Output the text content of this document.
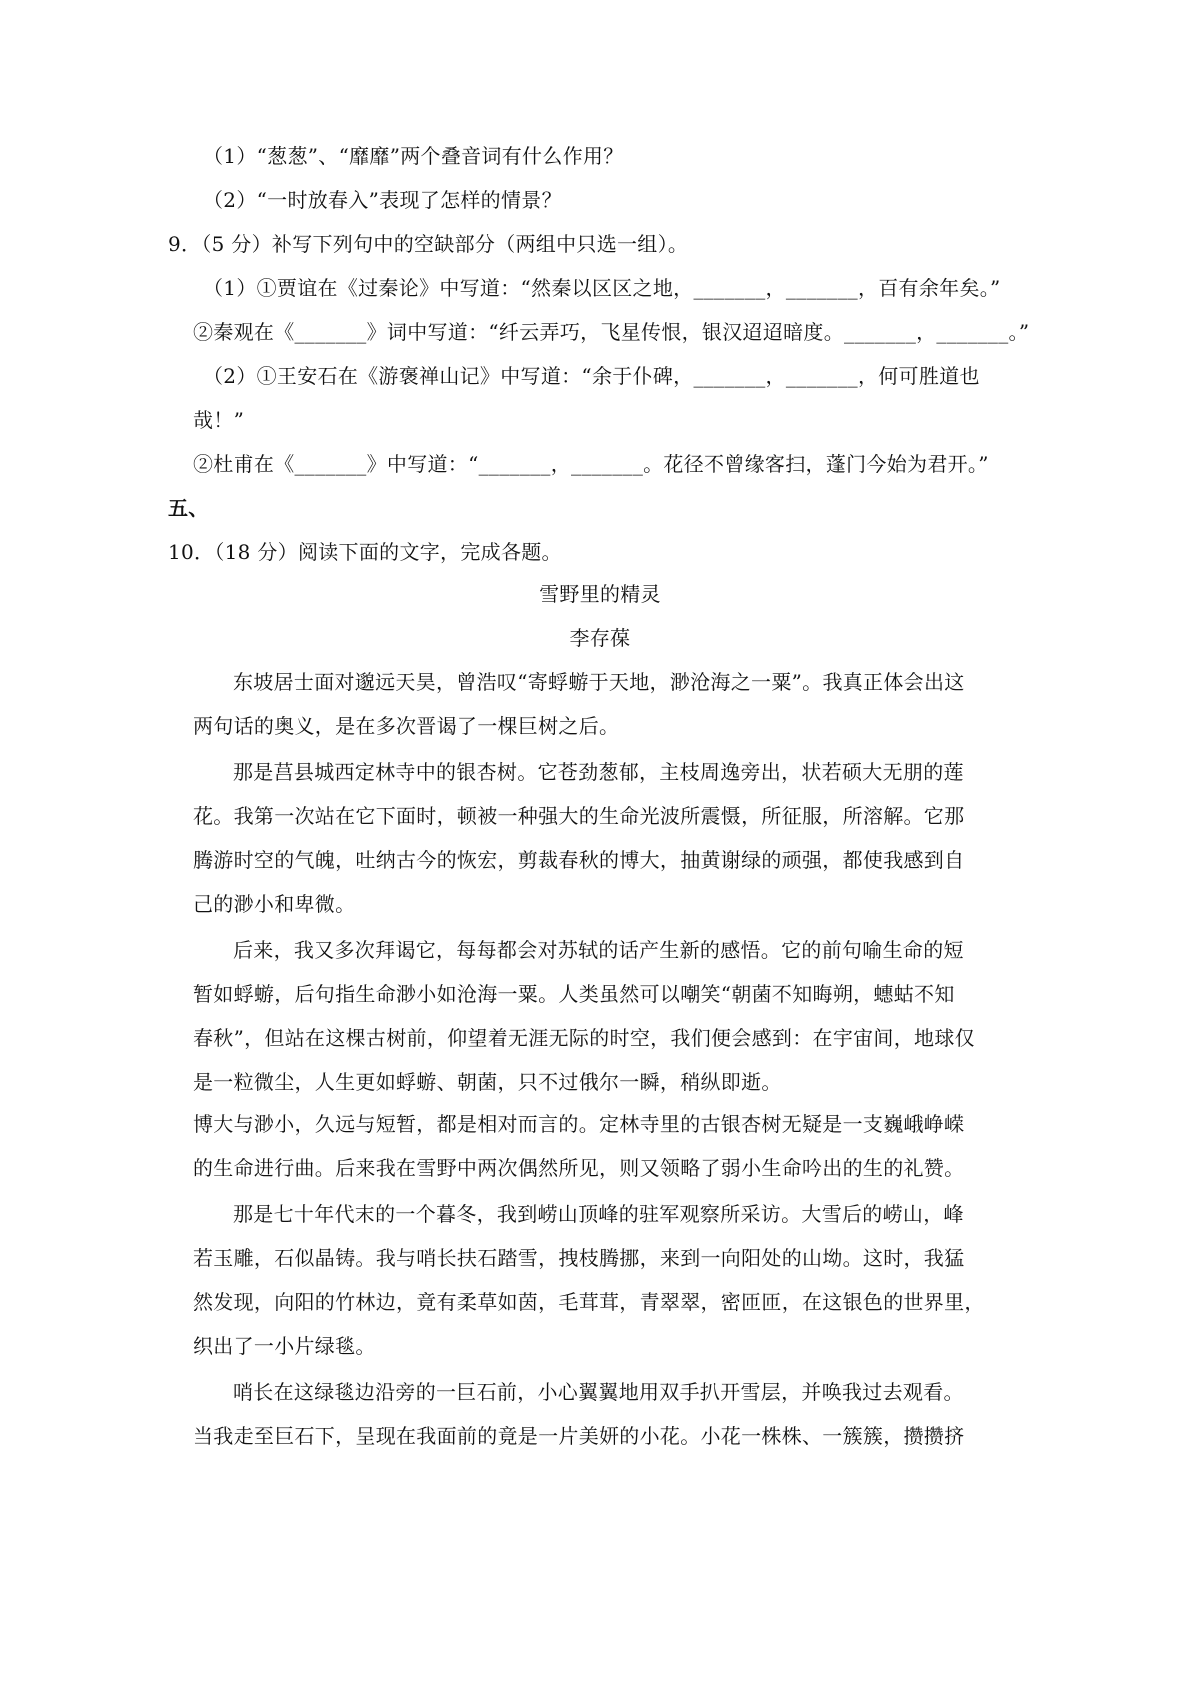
（1）“葱葱”、“靡靡”两个叠音词有什么作用？
（2）“一时放春入”表现了怎样的情景？
9．（5 分）补写下列句中的空缺部分（两组中只选一组）。
（1）①贾谊在《过秦论》中写道：“然秦以区区之地，_______，_______，百有余年矣。”
②秦观在《_______》词中写道：“纤云弄巧，飞星传恨，银汉迢迢暗度。_______，_______。”
（2）①王安石在《游褒禅山记》中写道：“余于仆碑，_______，_______，何可胜道也
哉！”
②杜甫在《_______》中写道：“_______，_______。花径不曾缘客扫，蓬门今始为君开。”
五、
10．（18 分）阅读下面的文字，完成各题。
雪野里的精灵
李存葆
东坡居士面对邈远天昊，曾浩叹“寄蜉蝣于天地，渺沧海之一粟”。我真正体会出这
两句话的奥义，是在多次晋谒了一棵巨树之后。
那是莒县城西定林寺中的银杏树。它苍劲葱郁，主枝周逸旁出，状若硕大无朋的莲
花。我第一次站在它下面时，顿被一种强大的生命光波所震慑，所征服，所溶解。它那
腾游时空的气魄，吐纳古今的恢宏，剪裁春秋的博大，抽黄谢绿的顽强，都使我感到自
己的渺小和卑微。
后来，我又多次拜谒它，每每都会对苏轼的话产生新的感悟。它的前句喻生命的短
暂如蜉蝣，后句指生命渺小如沧海一粟。人类虽然可以嘲笑“朝菌不知晦朔，蟪蛄不知
春秋”，但站在这棵古树前，仰望着无涯无际的时空，我们便会感到：在宇宙间，地球仅
是一粒微尘，人生更如蜉蝣、朝菌，只不过俄尔一瞬，稍纵即逝。
博大与渺小，久远与短暂，都是相对而言的。定林寺里的古银杏树无疑是一支巍峨峥嵘
的生命进行曲。后来我在雪野中两次偶然所见，则又领略了弱小生命吟出的生的礼赞。
那是七十年代末的一个暮冬，我到崂山顶峰的驻军观察所采访。大雪后的崂山，峰
若玉雕，石似晶铸。我与哨长扶石踏雪，拽枝腾挪，来到一向阳处的山坳。这时，我猛
然发现，向阳的竹林边，竟有柔草如茵，毛茸茸，青翠翠，密匝匝，在这银色的世界里，
织出了一小片绿毯。
哨长在这绿毯边沿旁的一巨石前，小心翼翼地用双手扒开雪层，并唤我过去观看。
当我走至巨石下，呈现在我面前的竟是一片美妍的小花。小花一株株、一簇簇，攒攒挤
